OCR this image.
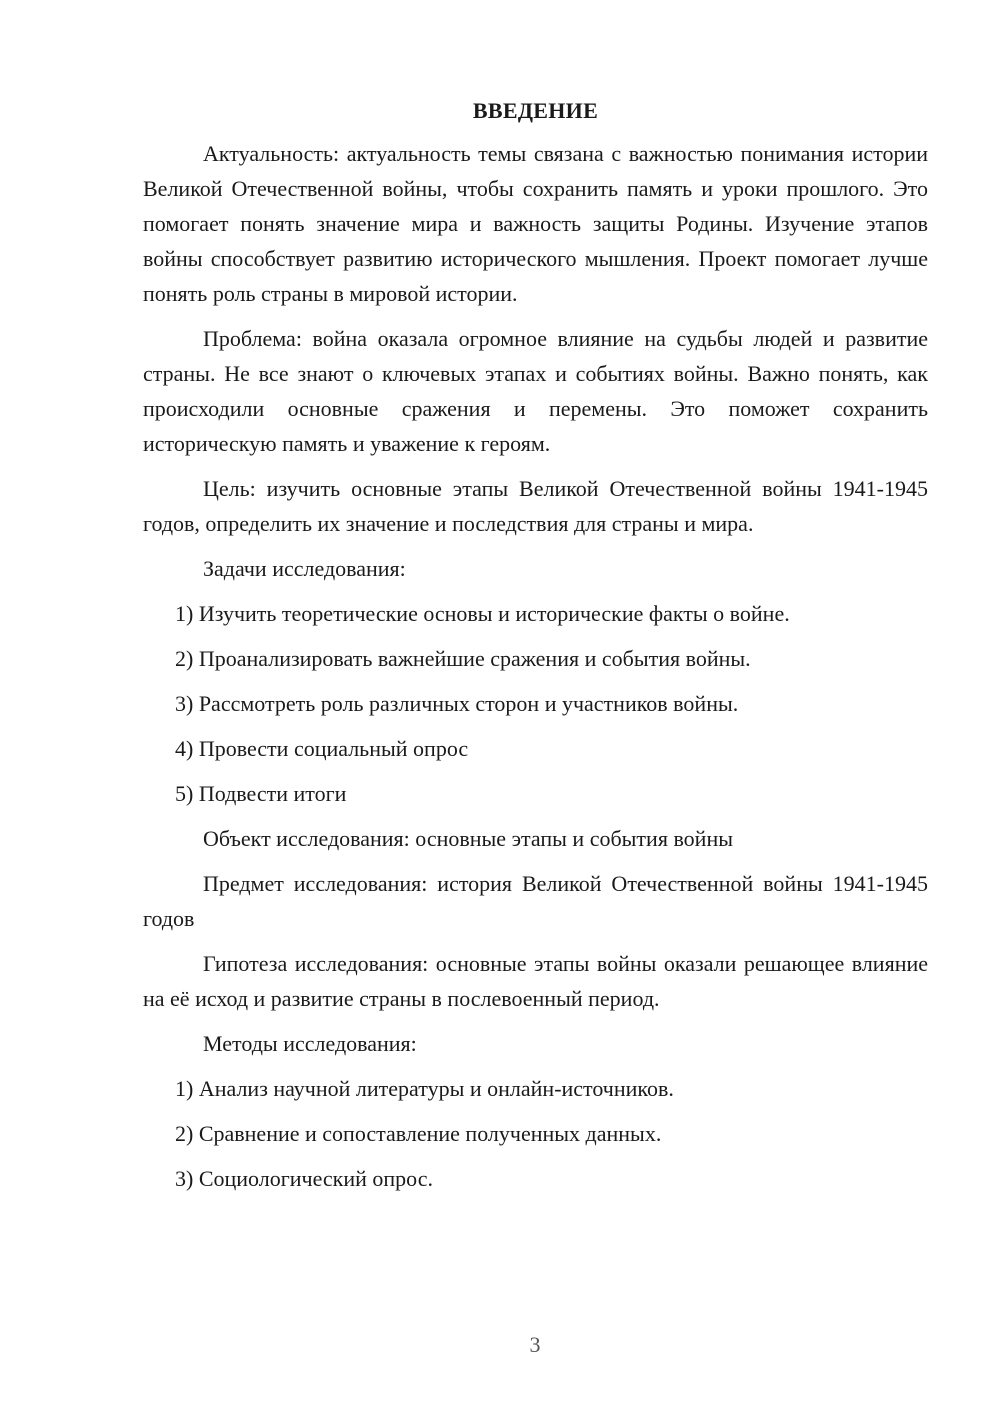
ВВЕДЕНИЕ

Актуальность: актуальность темы связана с важностью понимания истории Великой Отечественной войны, чтобы сохранить память и уроки прошлого. Это помогает понять значение мира и важность защиты Родины. Изучение этапов войны способствует развитию исторического мышления. Проект помогает лучше понять роль страны в мировой истории.

Проблема: война оказала огромное влияние на судьбы людей и развитие страны. Не все знают о ключевых этапах и событиях войны. Важно понять, как происходили основные сражения и перемены. Это поможет сохранить историческую память и уважение к героям.

Цель: изучить основные этапы Великой Отечественной войны 1941-1945 годов, определить их значение и последствия для страны и мира.

Задачи исследования:

1) Изучить теоретические основы и исторические факты о войне.
2) Проанализировать важнейшие сражения и события войны.
3) Рассмотреть роль различных сторон и участников войны.
4) Провести социальный опрос
5) Подвести итоги

Объект исследования: основные этапы и события войны

Предмет исследования: история Великой Отечественной войны 1941-1945 годов

Гипотеза исследования: основные этапы войны оказали решающее влияние на её исход и развитие страны в послевоенный период.

Методы исследования:

1) Анализ научной литературы и онлайн-источников.
2) Сравнение и сопоставление полученных данных.
3) Социологический опрос.
3
